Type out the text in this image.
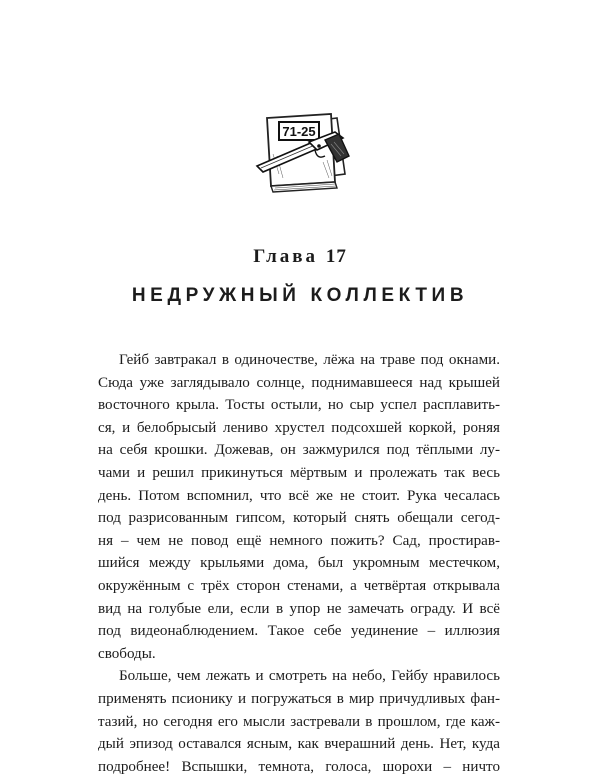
71-25
Глава 17
НЕДРУЖНЫЙ КОЛЛЕКТИВ
Гейб завтракал в одиночестве, лёжа на траве под окнами.
Сюда уже заглядывало солнце, поднимавшееся над крышей
восточного крыла. Тосты остыли, но сыр успел расплавить-
ся, и белобрысый лениво хрустел подсохшей коркой, роняя
на себя крошки. Дожевав, он зажмурился под тёплыми лу-
чами и решил прикинуться мёртвым и пролежать так весь
день. Потом вспомнил, что всё же не стоит. Рука чесалась
под разрисованным гипсом, который снять обещали сегод-
ня – чем не повод ещё немного пожить? Сад, простирав-
шийся между крыльями дома, был укромным местечком,
окружённым с трёх сторон стенами, а четвёртая открывала
вид на голубые ели, если в упор не замечать ограду. И всё
под видеонаблюдением. Такое себе уединение – иллюзия
свободы.
Больше, чем лежать и смотреть на небо, Гейбу нравилось
применять псионику и погружаться в мир причудливых фан-
тазий, но сегодня его мысли застревали в прошлом, где каж-
дый эпизод оставался ясным, как вчерашний день. Нет, куда
подробнее! Вспышки, темнота, голоса, шорохи – ничто
